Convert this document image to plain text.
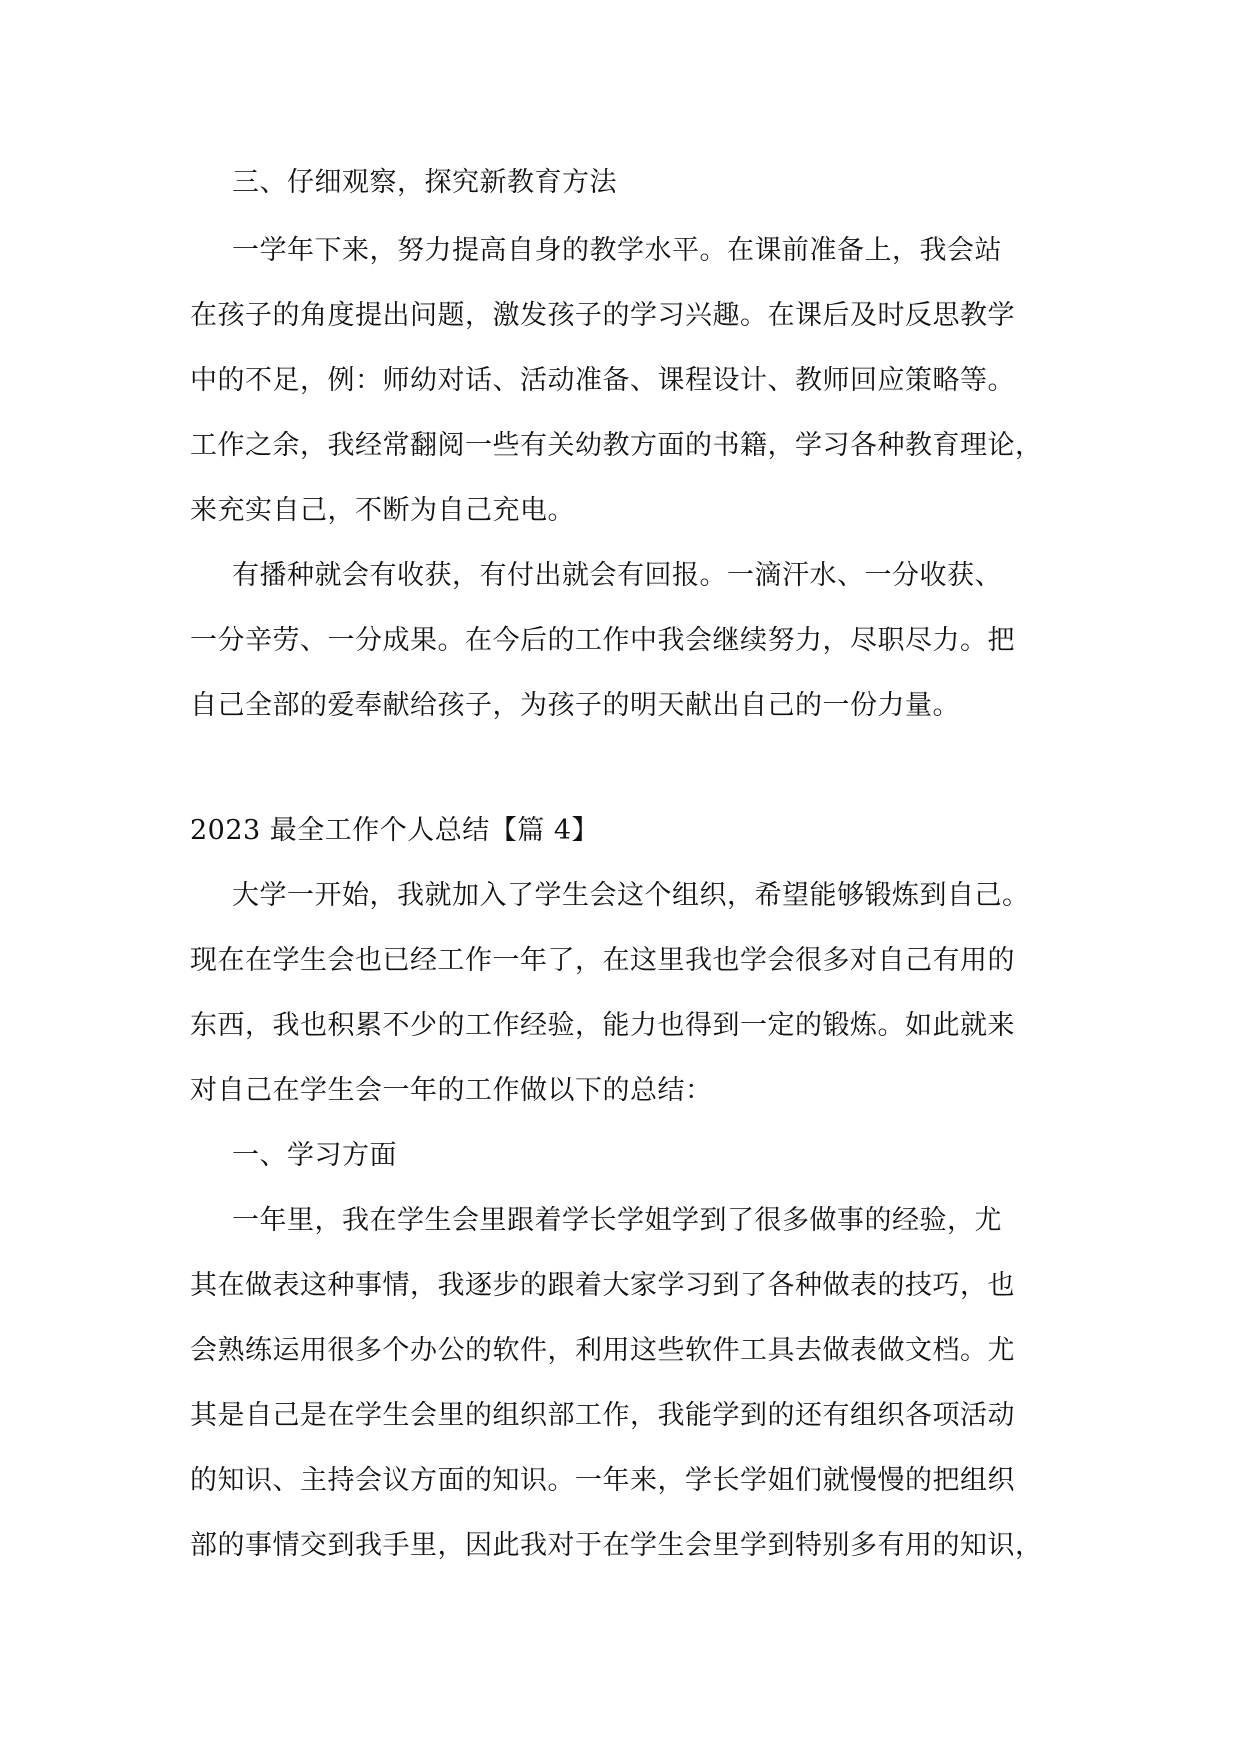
三、仔细观察，探究新教育方法
一学年下来，努力提高自身的教学水平。在课前准备上，我会站
在孩子的角度提出问题，激发孩子的学习兴趣。在课后及时反思教学
中的不足，例：师幼对话、活动准备、课程设计、教师回应策略等。
工作之余，我经常翻阅一些有关幼教方面的书籍，学习各种教育理论，
来充实自己，不断为自己充电。
有播种就会有收获，有付出就会有回报。一滴汗水、一分收获、
一分辛劳、一分成果。在今后的工作中我会继续努力，尽职尽力。把
自己全部的爱奉献给孩子，为孩子的明天献出自己的一份力量。
2023 最全工作个人总结【篇 4】
大学一开始，我就加入了学生会这个组织，希望能够锻炼到自己。
现在在学生会也已经工作一年了，在这里我也学会很多对自己有用的
东西，我也积累不少的工作经验，能力也得到一定的锻炼。如此就来
对自己在学生会一年的工作做以下的总结：
一、学习方面
一年里，我在学生会里跟着学长学姐学到了很多做事的经验，尤
其在做表这种事情，我逐步的跟着大家学习到了各种做表的技巧，也
会熟练运用很多个办公的软件，利用这些软件工具去做表做文档。尤
其是自己是在学生会里的组织部工作，我能学到的还有组织各项活动
的知识、主持会议方面的知识。一年来，学长学姐们就慢慢的把组织
部的事情交到我手里，因此我对于在学生会里学到特别多有用的知识，
